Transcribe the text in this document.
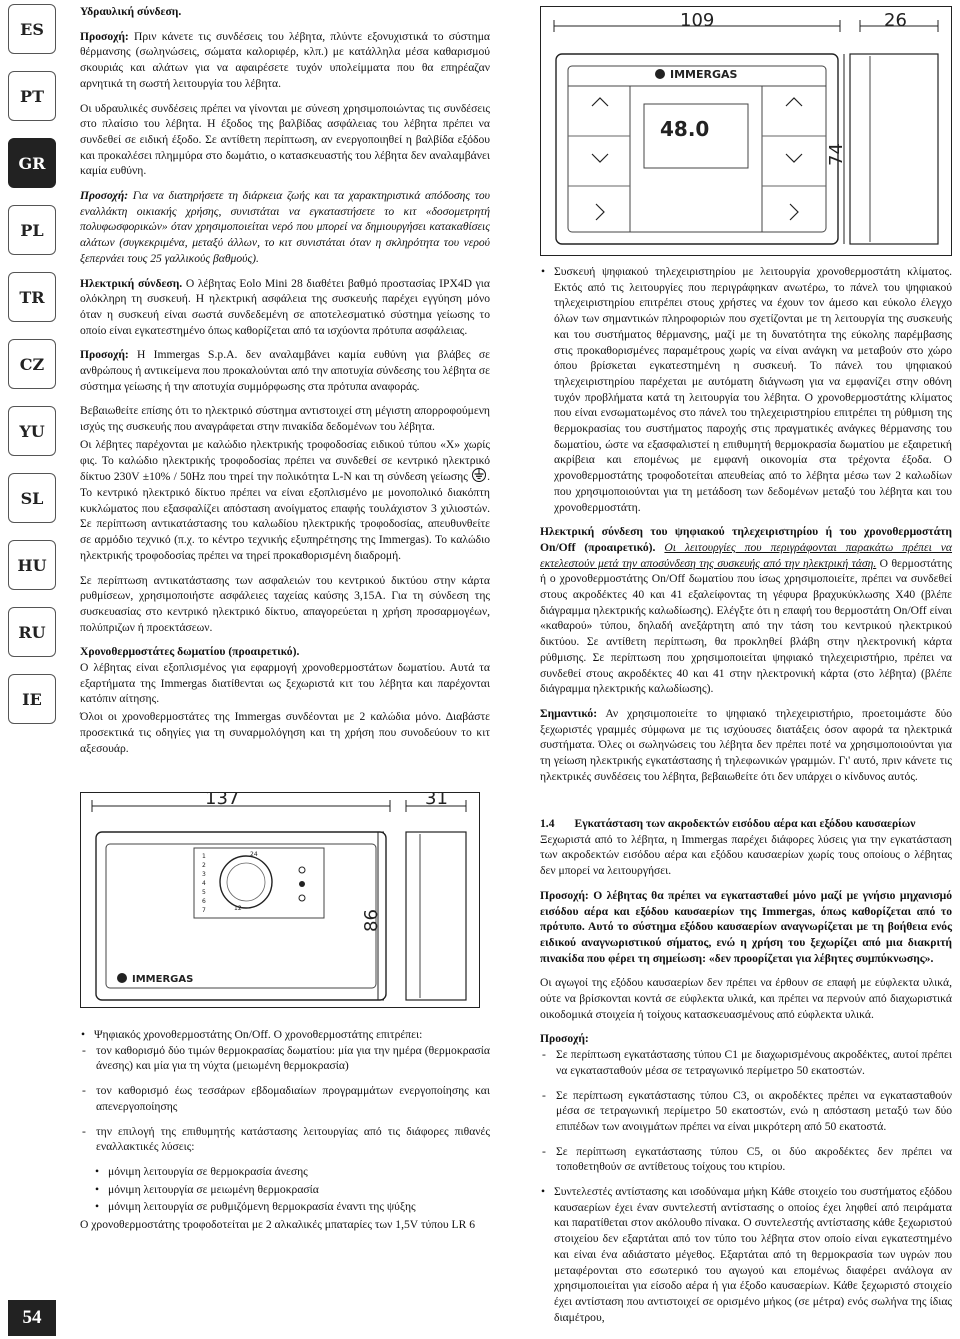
ES
PT
GR
PL
TR
CZ
YU
SL
HU
RU
IE
54

Υδραυλική σύνδεση.

Προσοχή: Πριν κάνετε τις συνδέσεις του λέβητα, πλύντε εξονυχιστικά το σύστημα θέρμανσης (σωληνώσεις, σώματα καλοριφέρ, κλπ.) με κατάλληλα μέσα καθαρισμού σκουριάς και αλάτων για να αφαιρέσετε τυχόν υπολείμματα που θα επηρέαζαν αρνητικά τη σωστή λειτουργία του λέβητα.

Οι υδραυλικές συνδέσεις πρέπει να γίνονται με σύνεση χρησιμοποιώντας τις συνδέσεις στο πλαίσιο του λέβητα. Η έξοδος της βαλβίδας ασφάλειας του λέβητα πρέπει να συνδεθεί σε ειδική έξοδο. Σε αντίθετη περίπτωση, αν ενεργοποιηθεί η βαλβίδα εξόδου και προκαλέσει πλημμύρα στο δωμάτιο, ο κατασκευαστής του λέβητα δεν αναλαμβάνει καμία ευθύνη.

Προσοχή: Για να διατηρήσετε τη διάρκεια ζωής και τα χαρακτηριστικά απόδοσης του εναλλάκτη οικιακής χρήσης, συνιστάται να εγκαταστήσετε το κιτ «δοσομετρητή πολυφωσφορικών» όταν χρησιμοποιείται νερό που μπορεί να δημιουργήσει κατακαθίσεις αλάτων (συγκεκριμένα, μεταξύ άλλων, το κιτ συνιστάται όταν η σκληρότητα του νερού ξεπερνάει τους 25 γαλλικούς βαθμούς).

Ηλεκτρική σύνδεση. Ο λέβητας Eolo Mini 28 διαθέτει βαθμό προστασίας IPX4D για ολόκληρη τη συσκευή. Η ηλεκτρική ασφάλεια της συσκευής παρέχει εγγύηση μόνο όταν η συσκευή είναι σωστά συνδεδεμένη σε αποτελεσματικό σύστημα γείωσης το οποίο είναι εγκατεστημένο όπως καθορίζεται από τα ισχύοντα πρότυπα ασφάλειας.

Προσοχή: Η Immergas S.p.A. δεν αναλαμβάνει καμία ευθύνη για βλάβες σε ανθρώπους ή αντικείμενα που προκαλούνται από την αποτυχία σύνδεσης του λέβητα σε σύστημα γείωσης ή την αποτυχία συμμόρφωσης στα πρότυπα αναφοράς.

Βεβαιωθείτε επίσης ότι το ηλεκτρικό σύστημα αντιστοιχεί στη μέγιστη απορροφούμενη ισχύς της συσκευής που αναγράφεται στην πινακίδα δεδομένων του λέβητα.

Οι λέβητες παρέχονται με καλώδιο ηλεκτρικής τροφοδοσίας ειδικού τύπου «X» χωρίς φις. Το καλώδιο ηλεκτρικής τροφοδοσίας πρέπει να συνδεθεί σε κεντρικό ηλεκτρικό δίκτυο 230V ±10% / 50Hz που τηρεί την πολικότητα L-N και τη σύνδεση γείωσης . Το κεντρικό ηλεκτρικό δίκτυο πρέπει να είναι εξοπλισμένο με μονοπολικό διακόπτη κυκλώματος που εξασφαλίζει απόσταση ανοίγματος επαφής τουλάχιστον 3 χιλιοστών. Σε περίπτωση αντικατάστασης του καλωδίου ηλεκτρικής τροφοδοσίας, απευθυνθείτε σε αρμόδιο τεχνικό (π.χ. το κέντρο τεχνικής εξυπηρέτησης της Immergas). Το καλώδιο ηλεκτρικής τροφοδοσίας πρέπει να τηρεί προκαθορισμένη διαδρομή.

Σε περίπτωση αντικατάστασης των ασφαλειών του κεντρικού δικτύου στην κάρτα ρυθμίσεων, χρησιμοποιήστε ασφάλειες ταχείας καύσης 3,15A. Για τη σύνδεση της συσκευασίας στο κεντρικό ηλεκτρικό δίκτυο, απαγορεύεται η χρήση προσαρμογέων, πολύπριζων ή προεκτάσεων.

Χρονοθερμοστάτες δωματίου (προαιρετικό).

Ο λέβητας είναι εξοπλισμένος για εφαρμογή χρονοθερμοστάτων δωματίου. Αυτά τα εξαρτήματα της Immergas διατίθενται ως ξεχωριστά κιτ του λέβητα και παρέχονται κατόπιν αίτησης.

Όλοι οι χρονοθερμοστάτες της Immergas συνδέονται με 2 καλώδια μόνο. Διαβάστε προσεκτικά τις οδηγίες για τη συναρμολόγηση και τη χρήση που συνοδεύουν το κιτ αξεσουάρ.

137	31
1
2
3
4
5
6
7
24
12
IMMERGAS
86
• Ψηφιακός χρονοθερμοστάτης On/Off. Ο χρονοθερμοστάτης επιτρέπει:
- τον καθορισμό δύο τιμών θερμοκρασίας δωματίου: μία για την ημέρα (θερμοκρασία άνεσης) και μία για τη νύχτα (μειωμένη θερμοκρασία)
- τον καθορισμό έως τεσσάρων εβδομαδιαίων προγραμμάτων ενεργοποίησης και απενεργοποίησης
- την επιλογή της επιθυμητής κατάστασης λειτουργίας από τις διάφορες πιθανές εναλλακτικές λύσεις:
• μόνιμη λειτουργία σε θερμοκρασία άνεσης
• μόνιμη λειτουργία σε μειωμένη θερμοκρασία
• μόνιμη λειτουργία σε ρυθμιζόμενη θερμοκρασία έναντι της ψύξης

Ο χρονοθερμοστάτης τροφοδοτείται με 2 αλκαλικές μπαταρίες των 1,5V τύπου LR 6

109	26
IMMERGAS
48.0
74
• Συσκευή ψηφιακού τηλεχειριστηρίου με λειτουργία χρονοθερμοστάτη κλίματος. Εκτός από τις λειτουργίες που περιγράφηκαν ανωτέρω, το πάνελ του ψηφιακού τηλεχειριστηρίου επιτρέπει στους χρήστες να έχουν τον άμεσο και εύκολο έλεγχο όλων των σημαντικών πληροφοριών που σχετίζονται με τη λειτουργία της συσκευής και του συστήματος θέρμανσης, μαζί με τη δυνατότητα της εύκολης παρέμβασης στις προκαθορισμένες παραμέτρους χωρίς να είναι ανάγκη να μεταβούν στο χώρο όπου βρίσκεται εγκατεστημένη η συσκευή. Το πάνελ του ψηφιακού τηλεχειριστηρίου παρέχεται με αυτόματη διάγνωση για να εμφανίζει στην οθόνη τυχόν προβλήματα κατά τη λειτουργία του λέβητα. Ο χρονοθερμοστάτης κλίματος που είναι ενσωματωμένος στο πάνελ του τηλεχειριστηρίου επιτρέπει τη ρύθμιση της θερμοκρασίας του συστήματος παροχής στις πραγματικές ανάγκες θέρμανσης του δωματίου, ώστε να εξασφαλιστεί η επιθυμητή θερμοκρασία δωματίου με εξαιρετική ακρίβεια και επομένως με εμφανή οικονομία στα τρέχοντα έξοδα. Ο χρονοθερμοστάτης τροφοδοτείται απευθείας από το λέβητα μέσω των 2 καλωδίων που χρησιμοποιούνται για τη μετάδοση των δεδομένων μεταξύ του λέβητα και του χρονοθερμοστάτη.

Ηλεκτρική σύνδεση του ψηφιακού τηλεχειριστηρίου ή του χρονοθερμοστάτη On/Off (προαιρετικό). Οι λειτουργίες που περιγράφονται παρακάτω πρέπει να εκτελεστούν μετά την αποσύνδεση της συσκευής από την ηλεκτρική τάση. Ο θερμοστάτης ή ο χρονοθερμοστάτης On/Off δωματίου που ίσως χρησιμοποιείτε, πρέπει να συνδεθεί στους ακροδέκτες 40 και 41 εξαλείφοντας τη γέφυρα βραχυκύκλωσης X40 (βλέπε διάγραμμα ηλεκτρικής καλωδίωσης). Ελέγξτε ότι η επαφή του θερμοστάτη On/Off είναι «καθαρού» τύπου, δηλαδή ανεξάρτητη από την τάση του κεντρικού ηλεκτρικού δικτύου. Σε αντίθετη περίπτωση, θα προκληθεί βλάβη στην ηλεκτρονική κάρτα ρύθμισης. Σε περίπτωση που χρησιμοποιείται ψηφιακό τηλεχειριστήριο, πρέπει να συνδεθεί στους ακροδέκτες 40 και 41 στην ηλεκτρονική κάρτα (στο λέβητα) (βλέπε διάγραμμα ηλεκτρικής καλωδίωσης).

Σημαντικό: Αν χρησιμοποιείτε το ψηφιακό τηλεχειριστήριο, προετοιμάστε δύο ξεχωριστές γραμμές σύμφωνα με τις ισχύουσες διατάξεις όσον αφορά τα ηλεκτρικά συστήματα. Όλες οι σωληνώσεις του λέβητα δεν πρέπει ποτέ να χρησιμοποιούνται για τη γείωση ηλεκτρικής εγκατάστασης ή τηλεφωνικών γραμμών. Γι' αυτό, πριν κάνετε τις ηλεκτρικές συνδέσεις του λέβητα, βεβαιωθείτε ότι δεν υπάρχει ο κίνδυνος αυτός.

1.4 Εγκατάσταση των ακροδεκτών εισόδου αέρα και εξόδου καυσαερίων

Ξεχωριστά από το λέβητα, η Immergas παρέχει διάφορες λύσεις για την εγκατάσταση των ακροδεκτών εισόδου αέρα και εξόδου καυσαερίων χωρίς τους οποίους ο λέβητας δεν μπορεί να λειτουργήσει.

Προσοχή: Ο λέβητας θα πρέπει να εγκατασταθεί μόνο μαζί με γνήσιο μηχανισμό εισόδου αέρα και εξόδου καυσαερίων της Immergas, όπως καθορίζεται από το πρότυπο. Αυτό το σύστημα εξόδου καυσαερίων αναγνωρίζεται με τη βοήθεια ενός ειδικού αναγνωριστικού σήματος, ενώ η χρήση του ξεχωρίζει από μια διακριτή πινακίδα που φέρει τη σημείωση: «δεν προορίζεται για λέβητες συμπύκνωσης».

Οι αγωγοί της εξόδου καυσαερίων δεν πρέπει να έρθουν σε επαφή με εύφλεκτα υλικά, ούτε να βρίσκονται κοντά σε εύφλεκτα υλικά, και πρέπει να περνούν από διαχωριστικά οικοδομικά στοιχεία ή τοίχους κατασκευασμένους από εύφλεκτα υλικά.

Προσοχή:

- Σε περίπτωση εγκατάστασης τύπου C1 με διαχωρισμένους ακροδέκτες, αυτοί πρέπει να εγκατασταθούν μέσα σε τετραγωνικό περίμετρο 50 εκατοστών.
- Σε περίπτωση εγκατάστασης τύπου C3, οι ακροδέκτες πρέπει να εγκατασταθούν μέσα σε τετραγωνική περίμετρο 50 εκατοστών, ενώ η απόσταση μεταξύ των δύο επιπέδων των ανοιγμάτων πρέπει να είναι μικρότερη από 50 εκατοστά.
- Σε περίπτωση εγκατάστασης τύπου C5, οι δύο ακροδέκτες δεν πρέπει να τοποθετηθούν σε αντίθετους τοίχους του κτιρίου.
• Συντελεστές αντίστασης και ισοδύναμα μήκη Κάθε στοιχείο του συστήματος εξόδου καυσαερίων έχει έναν συντελεστή αντίστασης ο οποίος έχει ληφθεί από πειράματα και παρατίθεται στον ακόλουθο πίνακα. Ο συντελεστής αντίστασης κάθε ξεχωριστού στοιχείου δεν εξαρτάται από τον τύπο του λέβητα στον οποίο είναι εγκατεστημένο και είναι ένα αδιάστατο μέγεθος. Εξαρτάται από τη θερμοκρασία των υγρών που μεταφέρονται στο εσωτερικό του αγωγού και επομένως διαφέρει ανάλογα αν χρησιμοποιείται για είσοδο αέρα ή για έξοδο καυσαερίων. Κάθε ξεχωριστό στοιχείο έχει αντίσταση που αντιστοιχεί σε ορισμένο μήκος (σε μέτρα) ενός σωλήνα της ίδιας διαμέτρου,
